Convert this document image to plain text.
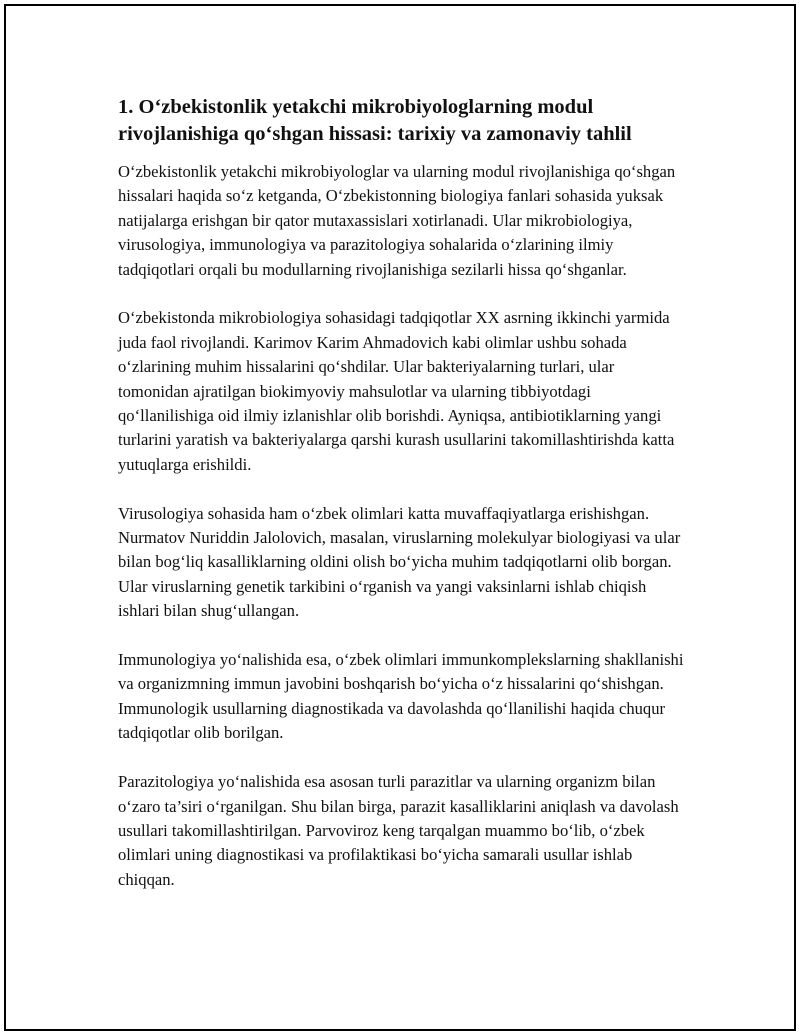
1. O‘zbekistonlik yetakchi mikrobiyologlarning modul rivojlanishiga qo‘shgan hissasi: tarixiy va zamonaviy tahlil

O‘zbekistonlik yetakchi mikrobiyologlar va ularning modul rivojlanishiga qo‘shgan hissalari haqida so‘z ketganda, O‘zbekistonning biologiya fanlari sohasida yuksak natijalarga erishgan bir qator mutaxassislari xotirlanadi. Ular mikrobiologiya, virusologiya, immunologiya va parazitologiya sohalarida o‘zlarining ilmiy tadqiqotlari orqali bu modullarning rivojlanishiga sezilarli hissa qo‘shganlar.

O‘zbekistonda mikrobiologiya sohasidagi tadqiqotlar XX asrning ikkinchi yarmida juda faol rivojlandi. Karimov Karim Ahmadovich kabi olimlar ushbu sohada o‘zlarining muhim hissalarini qo‘shdilar. Ular bakteriyalarning turlari, ular tomonidan ajratilgan biokimyoviy mahsulotlar va ularning tibbiyotdagi qo‘llanilishiga oid ilmiy izlanishlar olib borishdi. Ayniqsa, antibiotiklarning yangi turlarini yaratish va bakteriyalarga qarshi kurash usullarini takomillashtirishda katta yutuqlarga erishildi.

Virusologiya sohasida ham o‘zbek olimlari katta muvaffaqiyatlarga erishishgan. Nurmatov Nuriddin Jalolovich, masalan, viruslarning molekulyar biologiyasi va ular bilan bog‘liq kasalliklarning oldini olish bo‘yicha muhim tadqiqotlarni olib borgan. Ular viruslarning genetik tarkibini o‘rganish va yangi vaksinlarni ishlab chiqish ishlari bilan shug‘ullangan.

Immunologiya yo‘nalishida esa, o‘zbek olimlari immunkomplekslarning shakllanishi va organizmning immun javobini boshqarish bo‘yicha o‘z hissalarini qo‘shishgan. Immunologik usullarning diagnostikada va davolashda qo‘llanilishi haqida chuqur tadqiqotlar olib borilgan.

Parazitologiya yo‘nalishida esa asosan turli parazitlar va ularning organizm bilan o‘zaro ta’siri o‘rganilgan. Shu bilan birga, parazit kasalliklarini aniqlash va davolash usullari takomillashtirilgan. Parvoviroz keng tarqalgan muammo bo‘lib, o‘zbek olimlari uning diagnostikasi va profilaktikasi bo‘yicha samarali usullar ishlab chiqqan.
